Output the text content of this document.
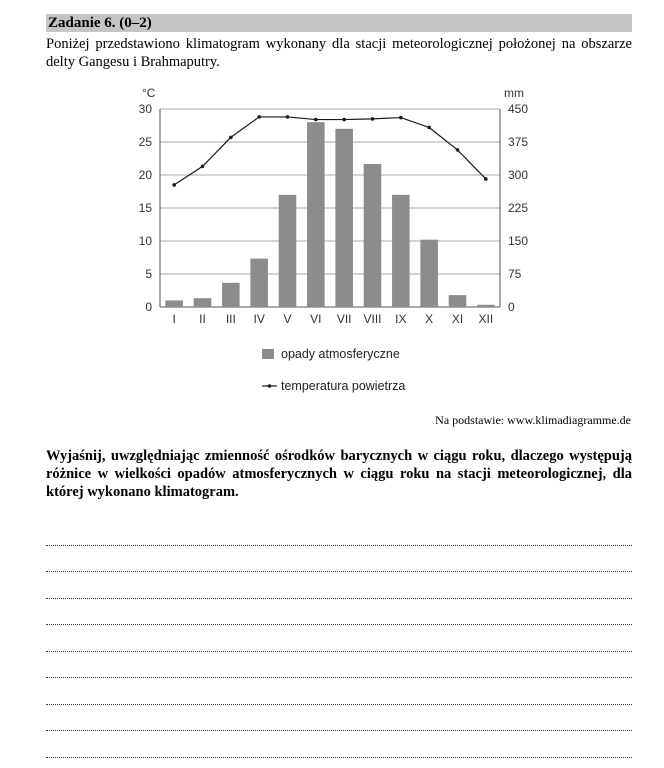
Zadanie 6. (0–2)
Poniżej przedstawiono klimatogram wykonany dla stacji meteorologicznej położonej na obszarze delty Gangesu i Brahmaputry.
0
5
10
15
20
25
30
0
75
150
225
300
375
450
°C	mm
I II III IV V VI VII VIII IX X XI XII
opady atmosferyczne
temperatura powietrza
Na podstawie: www.klimadiagramme.de
Wyjaśnij, uwzględniając zmienność ośrodków barycznych w ciągu roku, dlaczego występują różnice w wielkości opadów atmosferycznych w ciągu roku na stacji meteorologicznej, dla której wykonano klimatogram.
